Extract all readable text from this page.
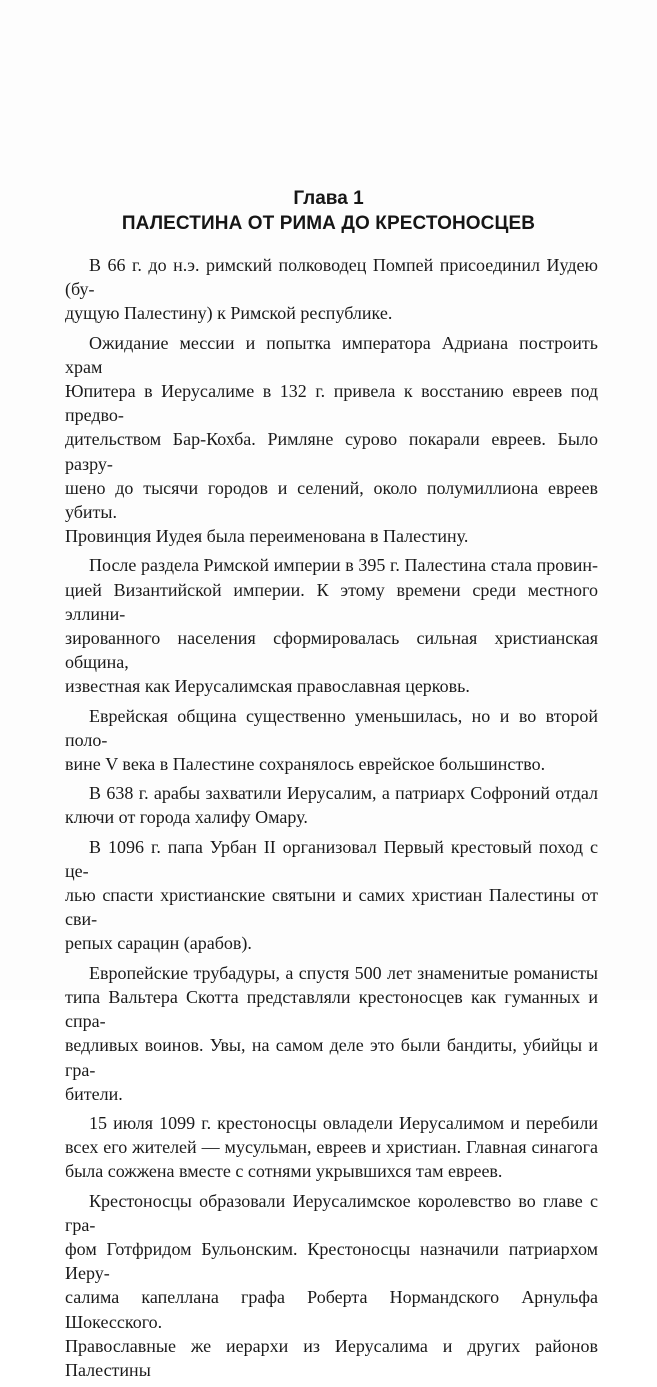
Глава 1

ПАЛЕСТИНА ОТ РИМА ДО КРЕСТОНОСЦЕВ

В 66 г. до н.э. римский полководец Помпей присоединил Иудею (бу-
дущую Палестину) к Римской республике.

Ожидание мессии и попытка императора Адриана построить храм
Юпитера в Иерусалиме в 132 г. привела к восстанию евреев под предво-
дительством Бар-Кохба. Римляне сурово покарали евреев. Было разру-
шено до тысячи городов и селений, около полумиллиона евреев убиты.
Провинция Иудея была переименована в Палестину.

После раздела Римской империи в 395 г. Палестина стала провин-
цией Византийской империи. К этому времени среди местного эллини-
зированного населения сформировалась сильная христианская община,
известная как Иерусалимская православная церковь.

Еврейская община существенно уменьшилась, но и во второй поло-
вине V века в Палестине сохранялось еврейское большинство.

В 638 г. арабы захватили Иерусалим, а патриарх Софроний отдал
ключи от города халифу Омару.

В 1096 г. папа Урбан II организовал Первый крестовый поход с це-
лью спасти христианские святыни и самих христиан Палестины от сви-
репых сарацин (арабов).

Европейские трубадуры, а спустя 500 лет знаменитые романисты
типа Вальтера Скотта представляли крестоносцев как гуманных и спра-
ведливых воинов. Увы, на самом деле это были бандиты, убийцы и гра-
бители.

15 июля 1099 г. крестоносцы овладели Иерусалимом и перебили
всех его жителей — мусульман, евреев и христиан. Главная синагога
была сожжена вместе с сотнями укрывшихся там евреев.

Крестоносцы образовали Иерусалимское королевство во главе с гра-
фом Готфридом Бульонским. Крестоносцы назначили патриархом Иеру-
салима капеллана графа Роберта Нормандского Арнульфа Шокесского.
Православные же иерархи из Иерусалима и других районов Палестины
